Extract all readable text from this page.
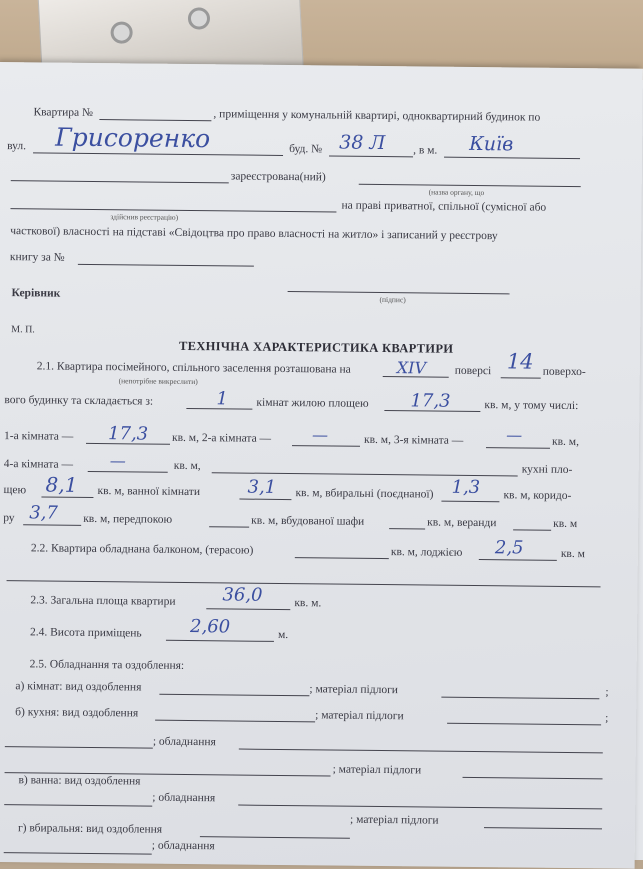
Квартира №	, приміщення у комунальній квартирі, одноквартирний будинок по
вул. Грисоренко	буд. № 38 Л , в м. Київ
зареєстрована(ний)
(назва органу, що
на праві приватної, спільної (сумісної або
здійснив реєстрацію)
часткової) власності на підставі «Свідоцтва про право власності на житло» і записаний у реєстрову
книгу за №
Керівник	(підпис)
М. П.
ТЕХНІЧНА ХАРАКТЕРИСТИКА КВАРТИРИ
2.1. Квартира посімейного, спільного заселення розташована на	XIV поверсі 14 поверхо-
(непотрібне викреслити)
вого будинку та складається з:	1 кімнат жилою площею 17,3	кв. м, у тому числі:
1-а кімната — 17,3 кв. м, 2-а кімната —	—	кв. м, 3-я кімната —	—	кв. м,
4-а кімната — —	кв. м,	кухні пло-
щею 8,1 кв. м, ванної кімнати	3,1 кв. м, вбиральні (поєднаної) 1,3 кв. м, коридо-
ру 3,7 кв. м, передпокою	кв. м, вбудованої шафи	кв. м, веранди	кв. м
2.2. Квартира обладнана балконом, (терасою)	кв. м, лоджією 2,5	кв. м
2.3. Загальна площа квартири	36,0	кв. м.
2.4. Висота приміщень	2,60	м.
2.5. Обладнання та оздоблення:
а) кімнат: вид оздоблення	; матеріал підлоги	;
б) кухня: вид оздоблення	; матеріал підлоги	;
; обладнання
; матеріал підлоги
в) ванна: вид оздоблення
; обладнання
г) вбиральня: вид оздоблення
; матеріал підлоги
; обладнання
